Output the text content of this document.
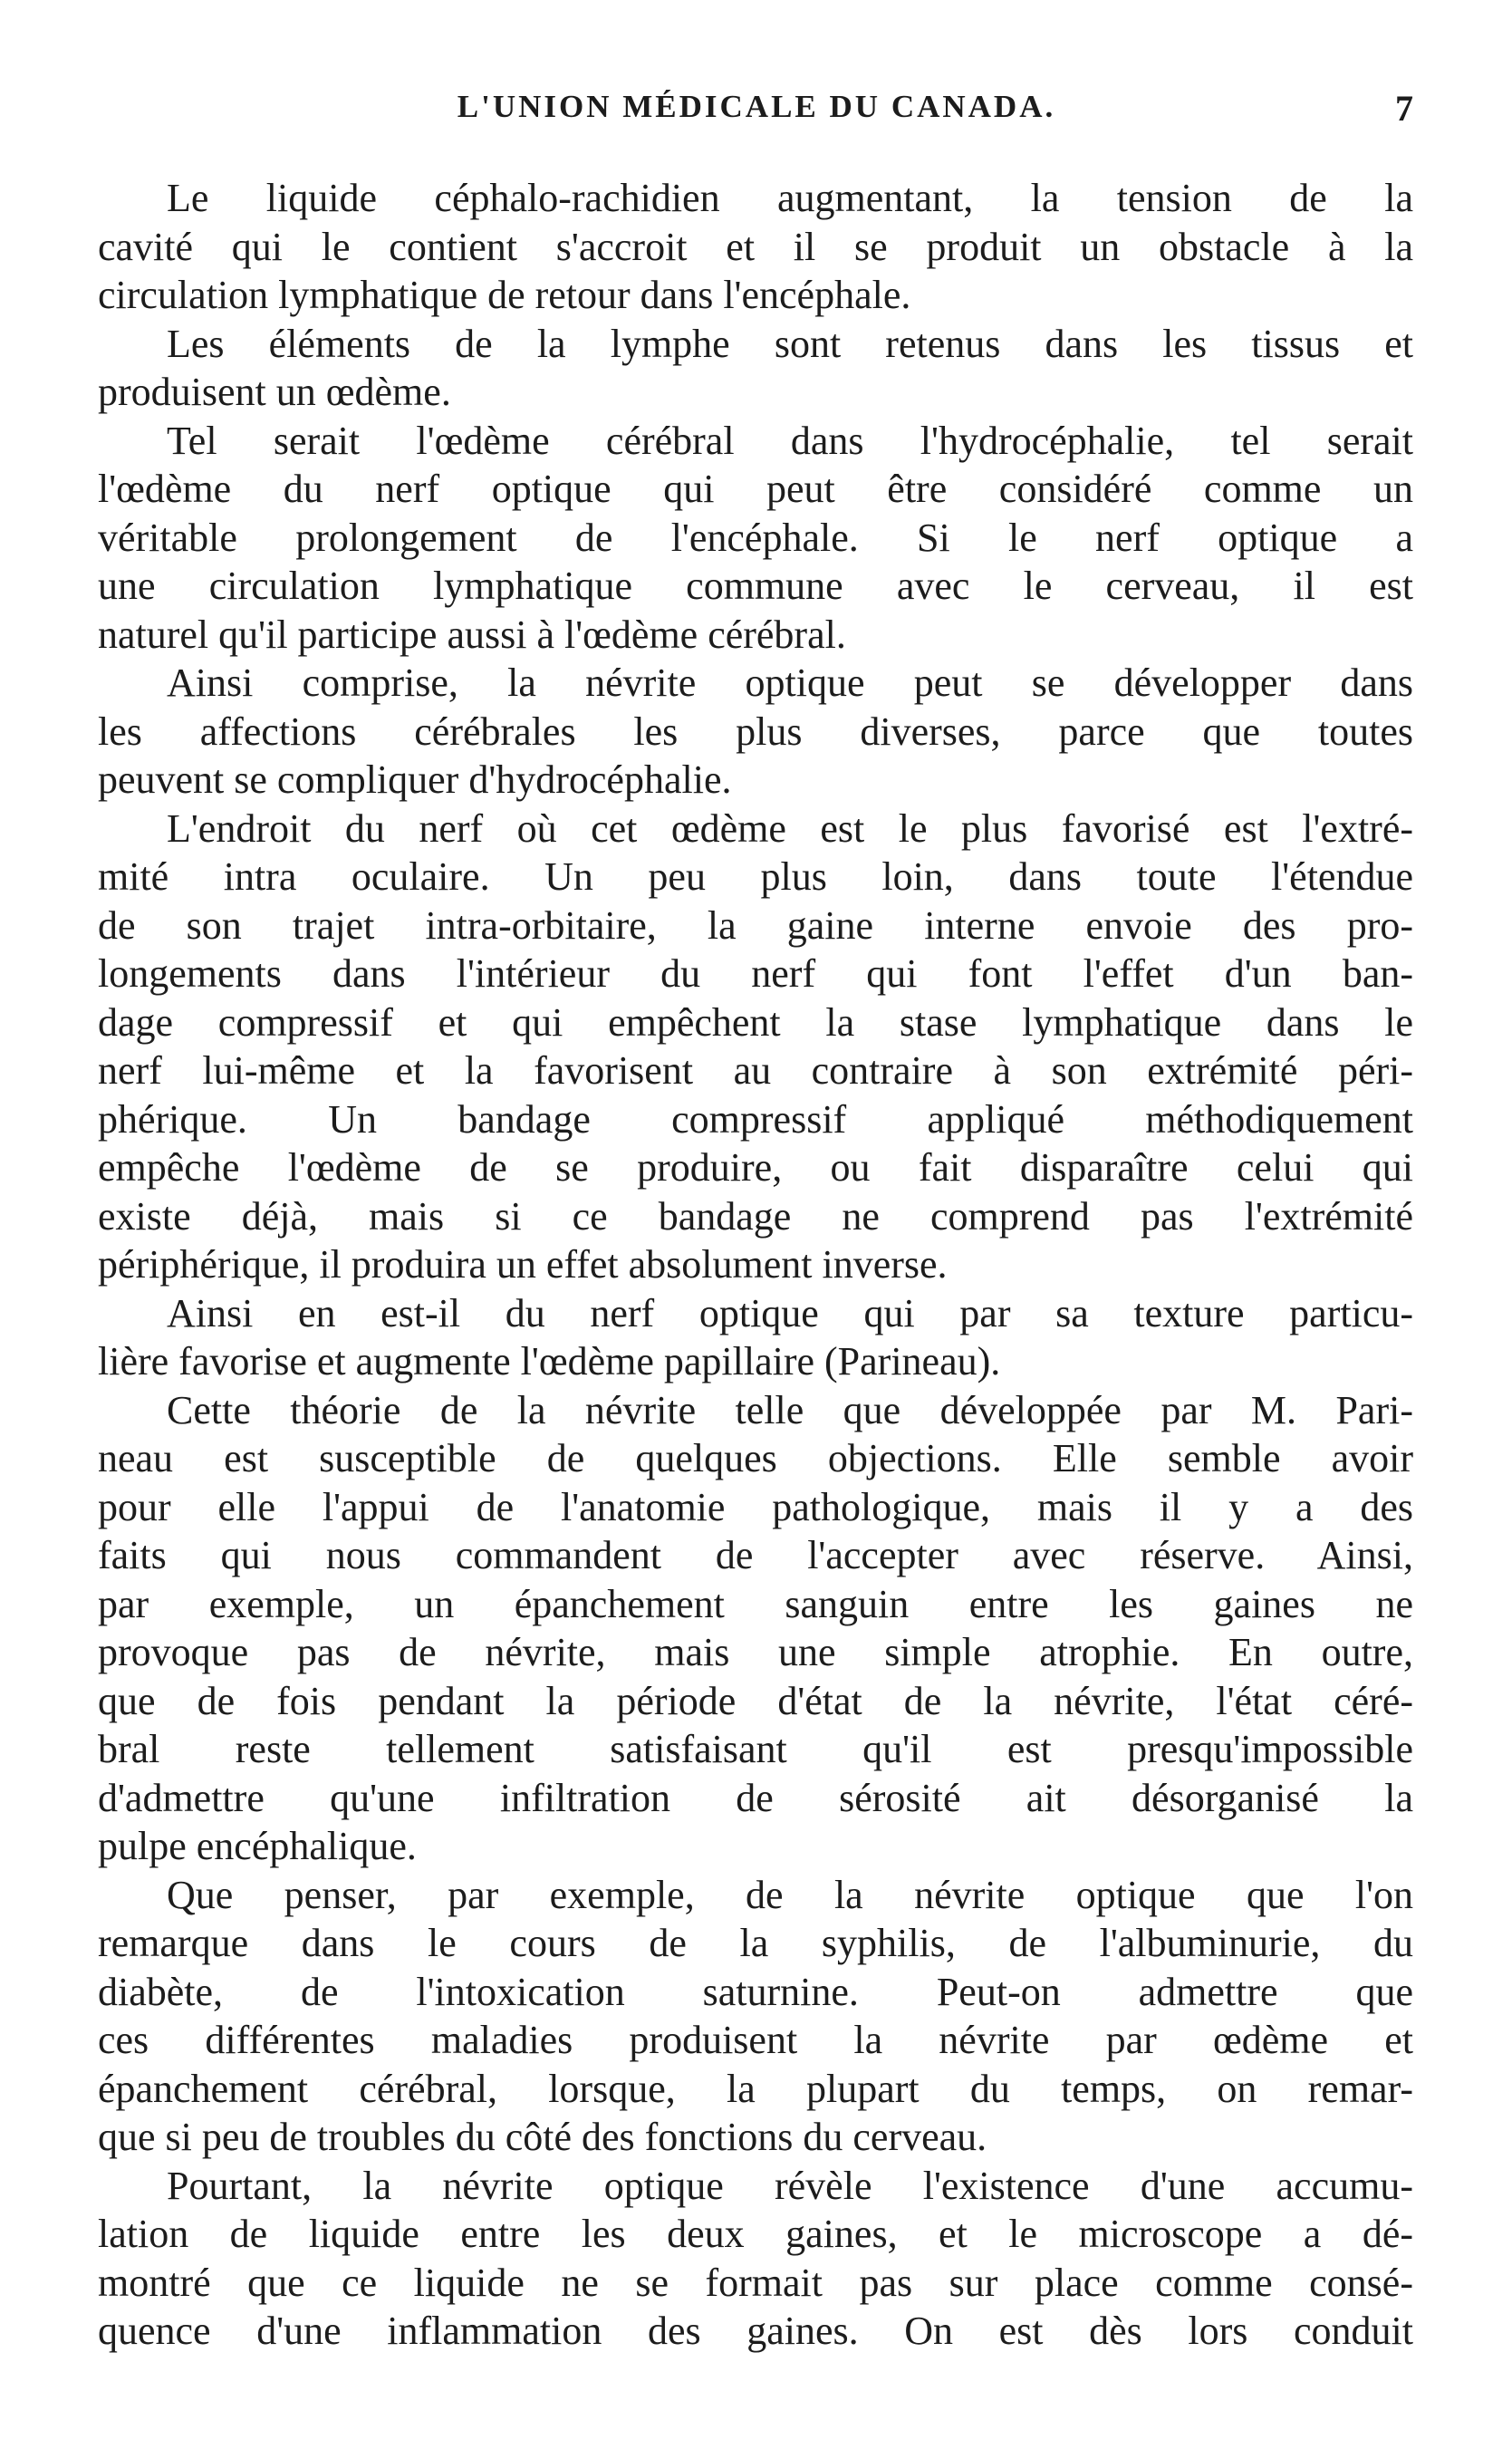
L'UNION MÉDICALE DU CANADA.	7
Le liquide céphalo-rachidien augmentant, la tension de la
cavité qui le contient s'accroit et il se produit un obstacle à la
circulation lymphatique de retour dans l'encéphale.
Les éléments de la lymphe sont retenus dans les tissus et
produisent un œdème.
Tel serait l'œdème cérébral dans l'hydrocéphalie, tel serait
l'œdème du nerf optique qui peut être considéré comme un
véritable prolongement de l'encéphale. Si le nerf optique a
une circulation lymphatique commune avec le cerveau, il est
naturel qu'il participe aussi à l'œdème cérébral.
Ainsi comprise, la névrite optique peut se développer dans
les affections cérébrales les plus diverses, parce que toutes
peuvent se compliquer d'hydrocéphalie.
L'endroit du nerf où cet œdème est le plus favorisé est l'extré-
mité intra oculaire. Un peu plus loin, dans toute l'étendue
de son trajet intra-orbitaire, la gaine interne envoie des pro-
longements dans l'intérieur du nerf qui font l'effet d'un ban-
dage compressif et qui empêchent la stase lymphatique dans le
nerf lui-même et la favorisent au contraire à son extrémité péri-
phérique. Un bandage compressif appliqué méthodiquement
empêche l'œdème de se produire, ou fait disparaître celui qui
existe déjà, mais si ce bandage ne comprend pas l'extrémité
périphérique, il produira un effet absolument inverse.
Ainsi en est-il du nerf optique qui par sa texture particu-
lière favorise et augmente l'œdème papillaire (Parineau).
Cette théorie de la névrite telle que développée par M. Pari-
neau est susceptible de quelques objections. Elle semble avoir
pour elle l'appui de l'anatomie pathologique, mais il y a des
faits qui nous commandent de l'accepter avec réserve. Ainsi,
par exemple, un épanchement sanguin entre les gaines ne
provoque pas de névrite, mais une simple atrophie. En outre,
que de fois pendant la période d'état de la névrite, l'état céré-
bral reste tellement satisfaisant qu'il est presqu'impossible
d'admettre qu'une infiltration de sérosité ait désorganisé la
pulpe encéphalique.
Que penser, par exemple, de la névrite optique que l'on
remarque dans le cours de la syphilis, de l'albuminurie, du
diabète, de l'intoxication saturnine. Peut-on admettre que
ces différentes maladies produisent la névrite par œdème et
épanchement cérébral, lorsque, la plupart du temps, on remar-
que si peu de troubles du côté des fonctions du cerveau.
Pourtant, la névrite optique révèle l'existence d'une accumu-
lation de liquide entre les deux gaines, et le microscope a dé-
montré que ce liquide ne se formait pas sur place comme consé-
quence d'une inflammation des gaines. On est dès lors conduit
